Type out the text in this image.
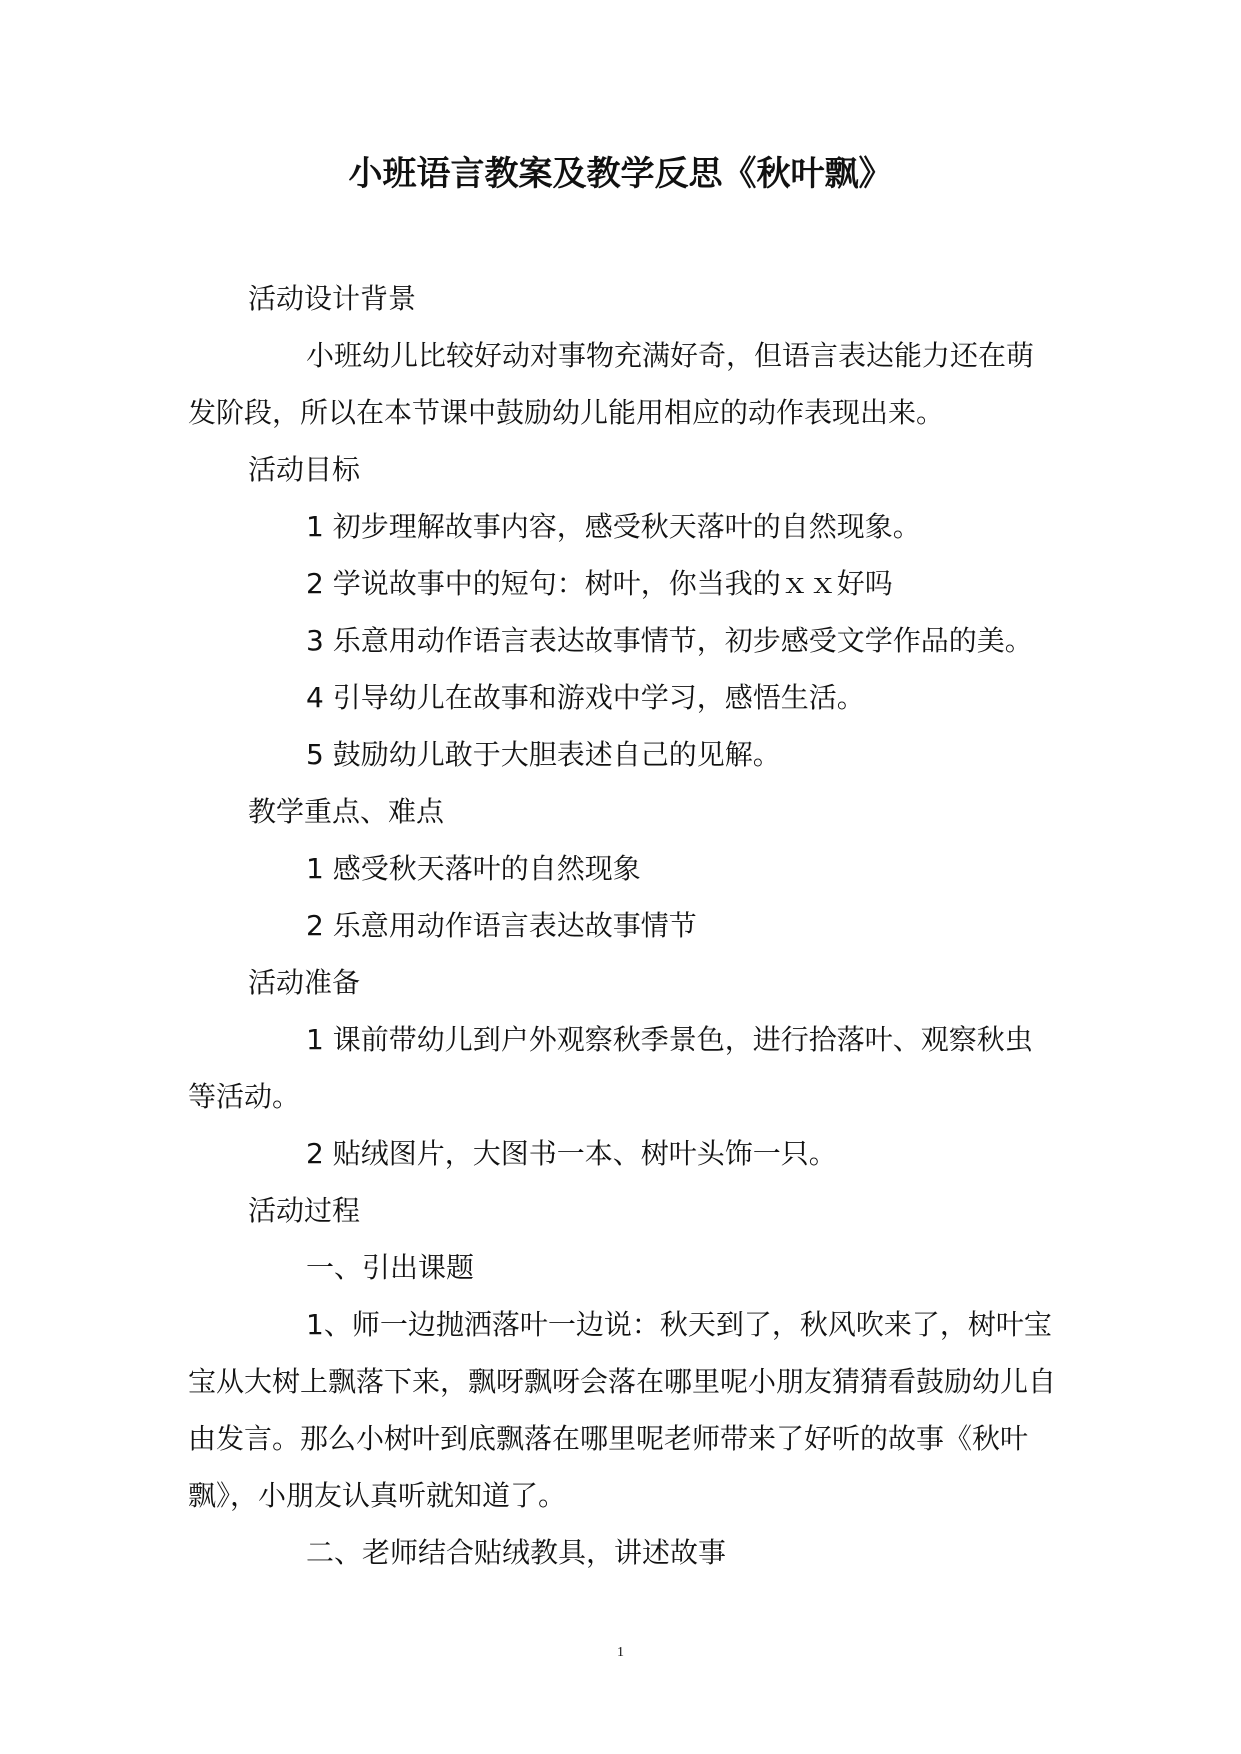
小班语言教案及教学反思《秋叶飘》

活动设计背景

小班幼儿比较好动对事物充满好奇，但语言表达能力还在萌发阶段，所以在本节课中鼓励幼儿能用相应的动作表现出来。

活动目标

1 初步理解故事内容，感受秋天落叶的自然现象。

2 学说故事中的短句：树叶，你当我的ｘｘ好吗

3 乐意用动作语言表达故事情节，初步感受文学作品的美。

4 引导幼儿在故事和游戏中学习，感悟生活。

5 鼓励幼儿敢于大胆表述自己的见解。

教学重点、难点

1 感受秋天落叶的自然现象

2 乐意用动作语言表达故事情节

活动准备

1 课前带幼儿到户外观察秋季景色，进行拾落叶、观察秋虫等活动。

2 贴绒图片，大图书一本、树叶头饰一只。

活动过程

一、引出课题

1、师一边抛洒落叶一边说：秋天到了，秋风吹来了，树叶宝宝从大树上飘落下来，飘呀飘呀会落在哪里呢小朋友猜猜看鼓励幼儿自由发言。那么小树叶到底飘落在哪里呢老师带来了好听的故事《秋叶飘》，小朋友认真听就知道了。

二、老师结合贴绒教具，讲述故事

1
